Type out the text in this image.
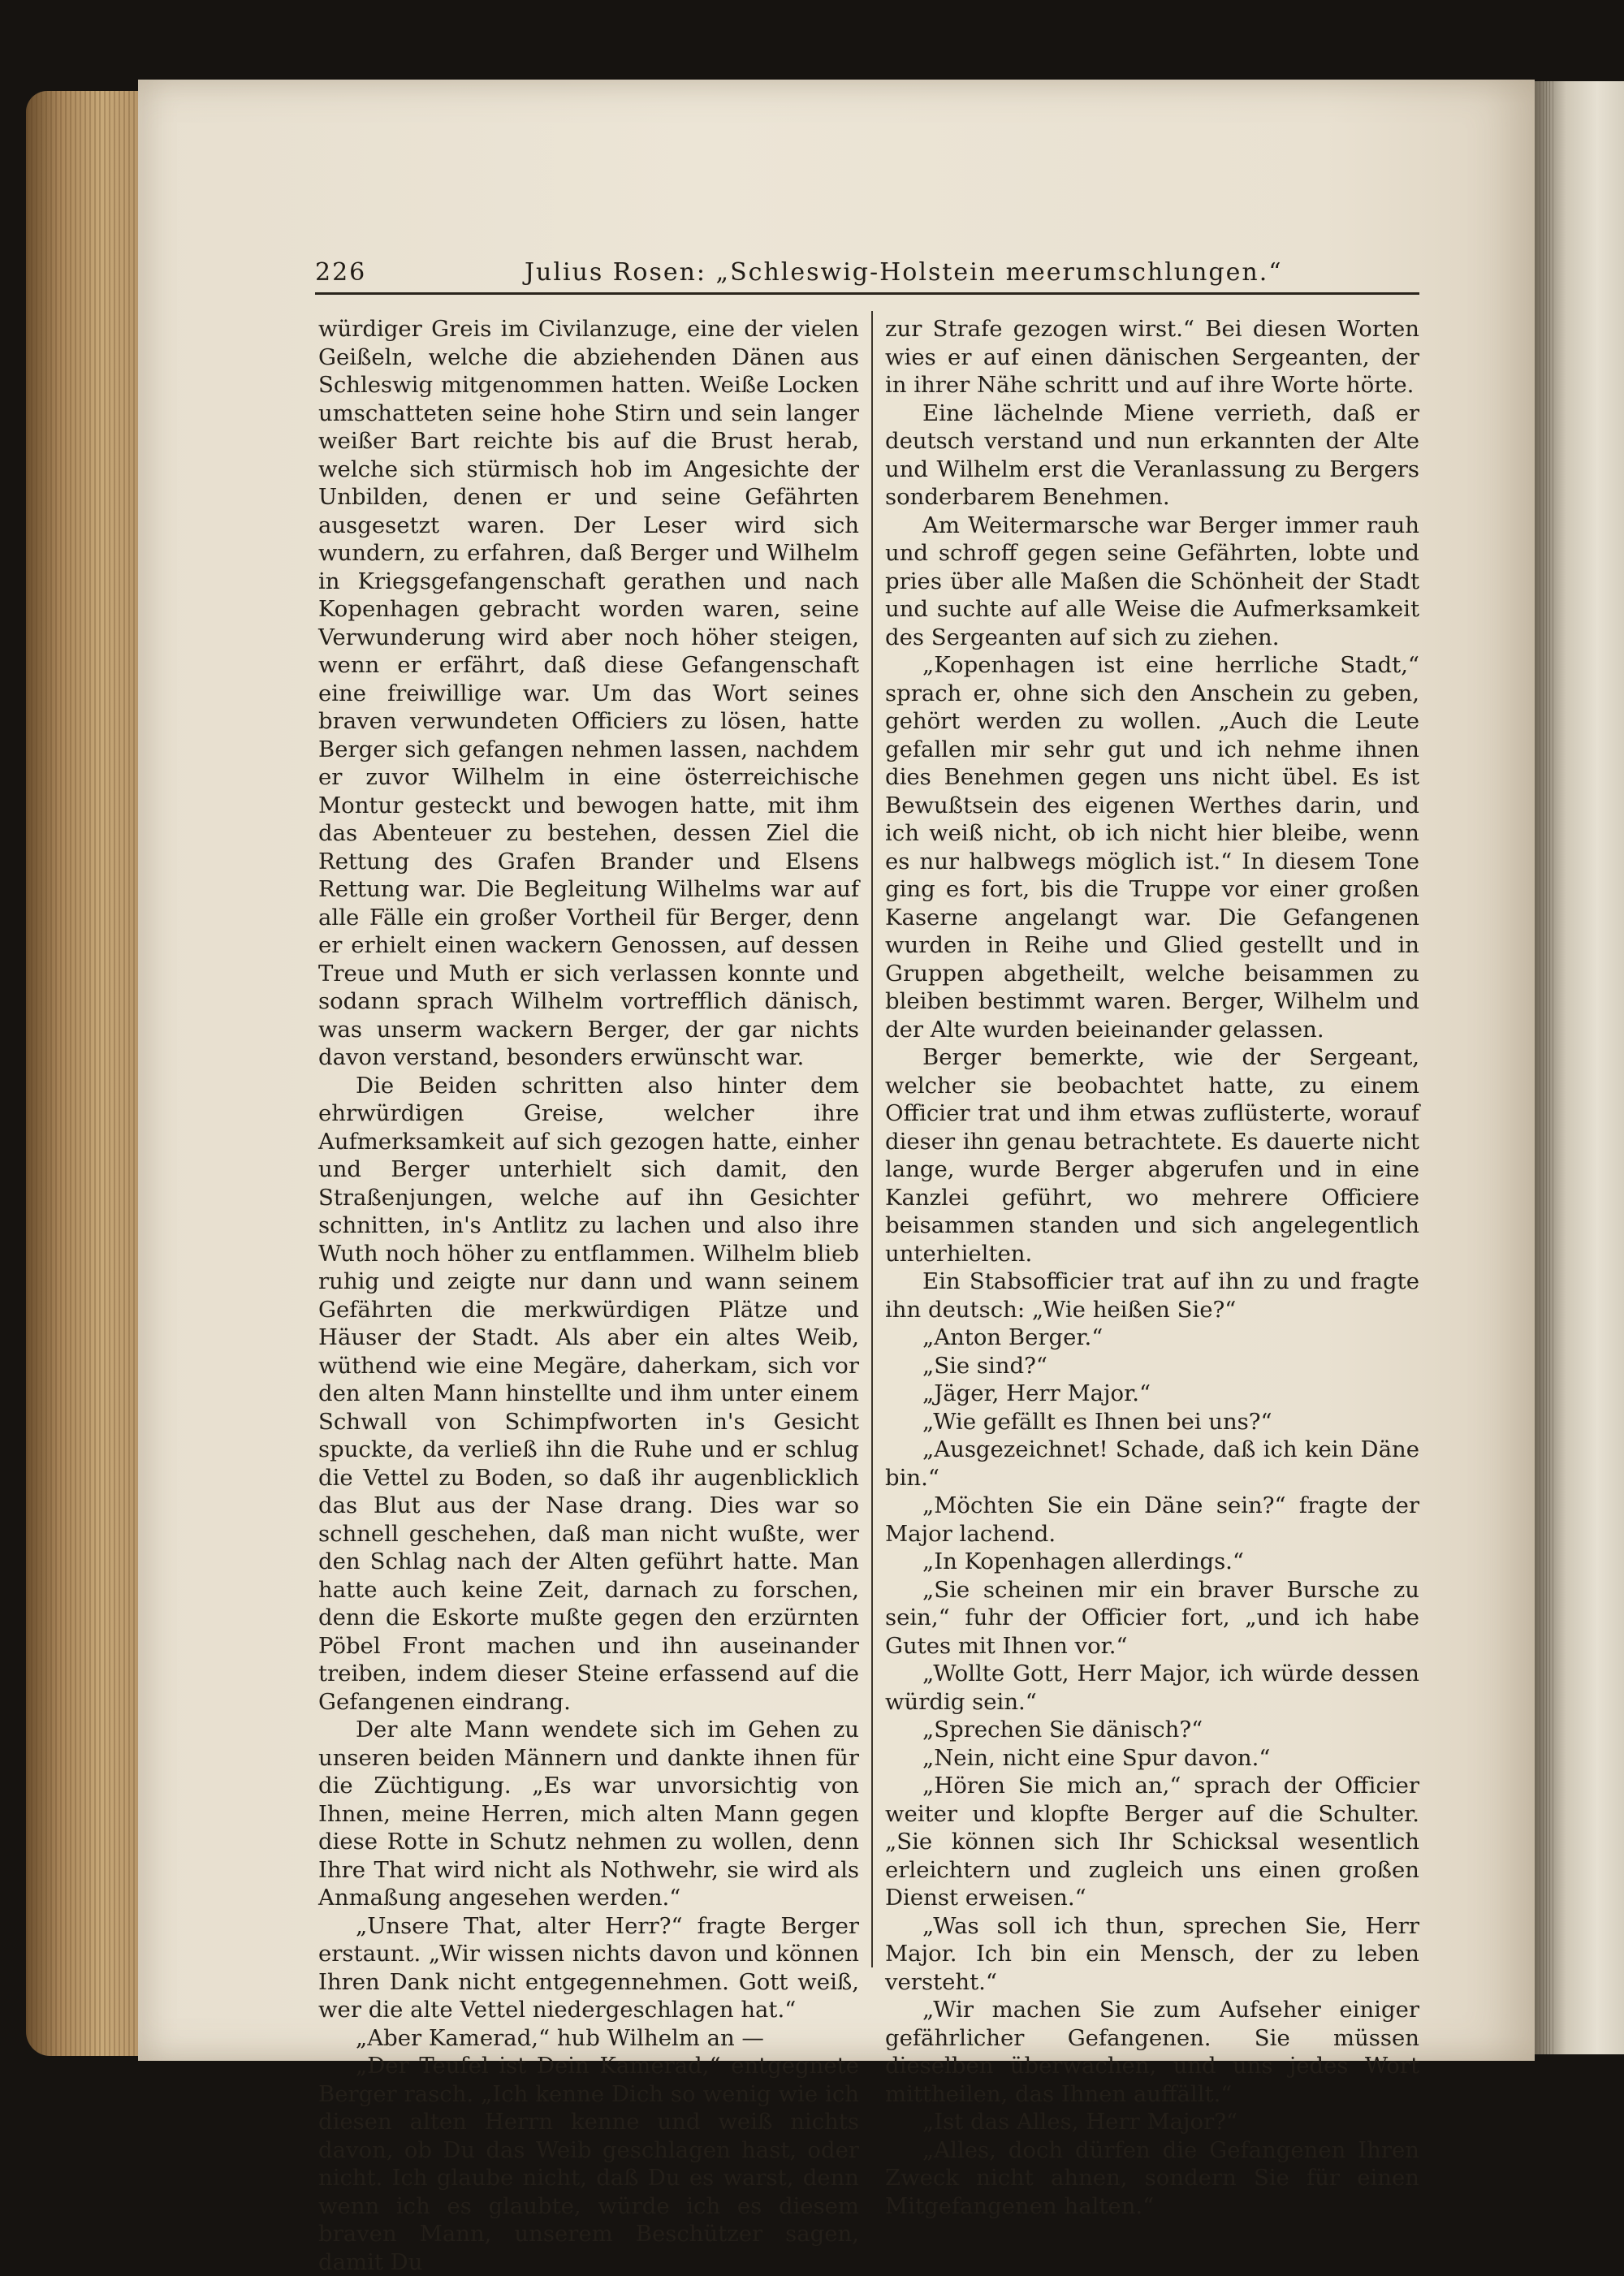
226	Julius Rosen: „Schleswig-Holstein meerumschlungen.“

würdiger Greis im Civilanzuge, eine der vielen Geißeln, welche die abziehenden Dänen aus Schleswig mitgenommen hatten. Weiße Locken umschatteten seine hohe Stirn und sein langer weißer Bart reichte bis auf die Brust herab, welche sich stürmisch hob im Angesichte der Unbilden, denen er und seine Gefährten ausgesetzt waren. Der Leser wird sich wundern, zu erfahren, daß Berger und Wilhelm in Kriegsgefangenschaft gerathen und nach Kopenhagen gebracht worden waren, seine Verwunderung wird aber noch höher steigen, wenn er erfährt, daß diese Gefangenschaft eine freiwillige war. Um das Wort seines braven verwundeten Officiers zu lösen, hatte Berger sich gefangen nehmen lassen, nachdem er zuvor Wilhelm in eine österreichische Montur gesteckt und bewogen hatte, mit ihm das Abenteuer zu bestehen, dessen Ziel die Rettung des Grafen Brander und Elsens Rettung war. Die Begleitung Wilhelms war auf alle Fälle ein großer Vortheil für Berger, denn er erhielt einen wackern Genossen, auf dessen Treue und Muth er sich verlassen konnte und sodann sprach Wilhelm vortrefflich dänisch, was unserm wackern Berger, der gar nichts davon verstand, besonders erwünscht war.

Die Beiden schritten also hinter dem ehrwürdigen Greise, welcher ihre Aufmerksamkeit auf sich gezogen hatte, einher und Berger unterhielt sich damit, den Straßenjungen, welche auf ihn Gesichter schnitten, in's Antlitz zu lachen und also ihre Wuth noch höher zu entflammen. Wilhelm blieb ruhig und zeigte nur dann und wann seinem Gefährten die merkwürdigen Plätze und Häuser der Stadt. Als aber ein altes Weib, wüthend wie eine Megäre, daherkam, sich vor den alten Mann hinstellte und ihm unter einem Schwall von Schimpfworten in's Gesicht spuckte, da verließ ihn die Ruhe und er schlug die Vettel zu Boden, so daß ihr augenblicklich das Blut aus der Nase drang. Dies war so schnell geschehen, daß man nicht wußte, wer den Schlag nach der Alten geführt hatte. Man hatte auch keine Zeit, darnach zu forschen, denn die Eskorte mußte gegen den erzürnten Pöbel Front machen und ihn auseinander treiben, indem dieser Steine erfassend auf die Gefangenen eindrang.

Der alte Mann wendete sich im Gehen zu unseren beiden Männern und dankte ihnen für die Züchtigung. „Es war unvorsichtig von Ihnen, meine Herren, mich alten Mann gegen diese Rotte in Schutz nehmen zu wollen, denn Ihre That wird nicht als Nothwehr, sie wird als Anmaßung angesehen werden.“

„Unsere That, alter Herr?“ fragte Berger erstaunt. „Wir wissen nichts davon und können Ihren Dank nicht entgegennehmen. Gott weiß, wer die alte Vettel niedergeschlagen hat.“

„Aber Kamerad,“ hub Wilhelm an —

„Der Teufel ist Dein Kamerad,“ entgegnete Berger rasch. „Ich kenne Dich so wenig wie ich diesen alten Herrn kenne und weiß nichts davon, ob Du das Weib geschlagen hast, oder nicht. Ich glaube nicht, daß Du es warst, denn wenn ich es glaubte, würde ich es diesem braven Mann, unserem Beschützer sagen, damit Du

zur Strafe gezogen wirst.“ Bei diesen Worten wies er auf einen dänischen Sergeanten, der in ihrer Nähe schritt und auf ihre Worte hörte.

Eine lächelnde Miene verrieth, daß er deutsch verstand und nun erkannten der Alte und Wilhelm erst die Veranlassung zu Bergers sonderbarem Benehmen.

Am Weitermarsche war Berger immer rauh und schroff gegen seine Gefährten, lobte und pries über alle Maßen die Schönheit der Stadt und suchte auf alle Weise die Aufmerksamkeit des Sergeanten auf sich zu ziehen.

„Kopenhagen ist eine herrliche Stadt,“ sprach er, ohne sich den Anschein zu geben, gehört werden zu wollen. „Auch die Leute gefallen mir sehr gut und ich nehme ihnen dies Benehmen gegen uns nicht übel. Es ist Bewußtsein des eigenen Werthes darin, und ich weiß nicht, ob ich nicht hier bleibe, wenn es nur halbwegs möglich ist.“ In diesem Tone ging es fort, bis die Truppe vor einer großen Kaserne angelangt war. Die Gefangenen wurden in Reihe und Glied gestellt und in Gruppen abgetheilt, welche beisammen zu bleiben bestimmt waren. Berger, Wilhelm und der Alte wurden beieinander gelassen.

Berger bemerkte, wie der Sergeant, welcher sie beobachtet hatte, zu einem Officier trat und ihm etwas zuflüsterte, worauf dieser ihn genau betrachtete. Es dauerte nicht lange, wurde Berger abgerufen und in eine Kanzlei geführt, wo mehrere Officiere beisammen standen und sich angelegentlich unterhielten.

Ein Stabsofficier trat auf ihn zu und fragte ihn deutsch: „Wie heißen Sie?“

„Anton Berger.“

„Sie sind?“

„Jäger, Herr Major.“

„Wie gefällt es Ihnen bei uns?“

„Ausgezeichnet! Schade, daß ich kein Däne bin.“

„Möchten Sie ein Däne sein?“ fragte der Major lachend.

„In Kopenhagen allerdings.“

„Sie scheinen mir ein braver Bursche zu sein,“ fuhr der Officier fort, „und ich habe Gutes mit Ihnen vor.“

„Wollte Gott, Herr Major, ich würde dessen würdig sein.“

„Sprechen Sie dänisch?“

„Nein, nicht eine Spur davon.“

„Hören Sie mich an,“ sprach der Officier weiter und klopfte Berger auf die Schulter. „Sie können sich Ihr Schicksal wesentlich erleichtern und zugleich uns einen großen Dienst erweisen.“

„Was soll ich thun, sprechen Sie, Herr Major. Ich bin ein Mensch, der zu leben versteht.“

„Wir machen Sie zum Aufseher einiger gefährlicher Gefangenen. Sie müssen dieselben überwachen, und uns jedes Wort mittheilen, das Ihnen auffällt.“

„Ist das Alles, Herr Major?“

„Alles, doch dürfen die Gefangenen Ihren Zweck nicht ahnen, sondern Sie für einen Mitgefangenen halten.“
